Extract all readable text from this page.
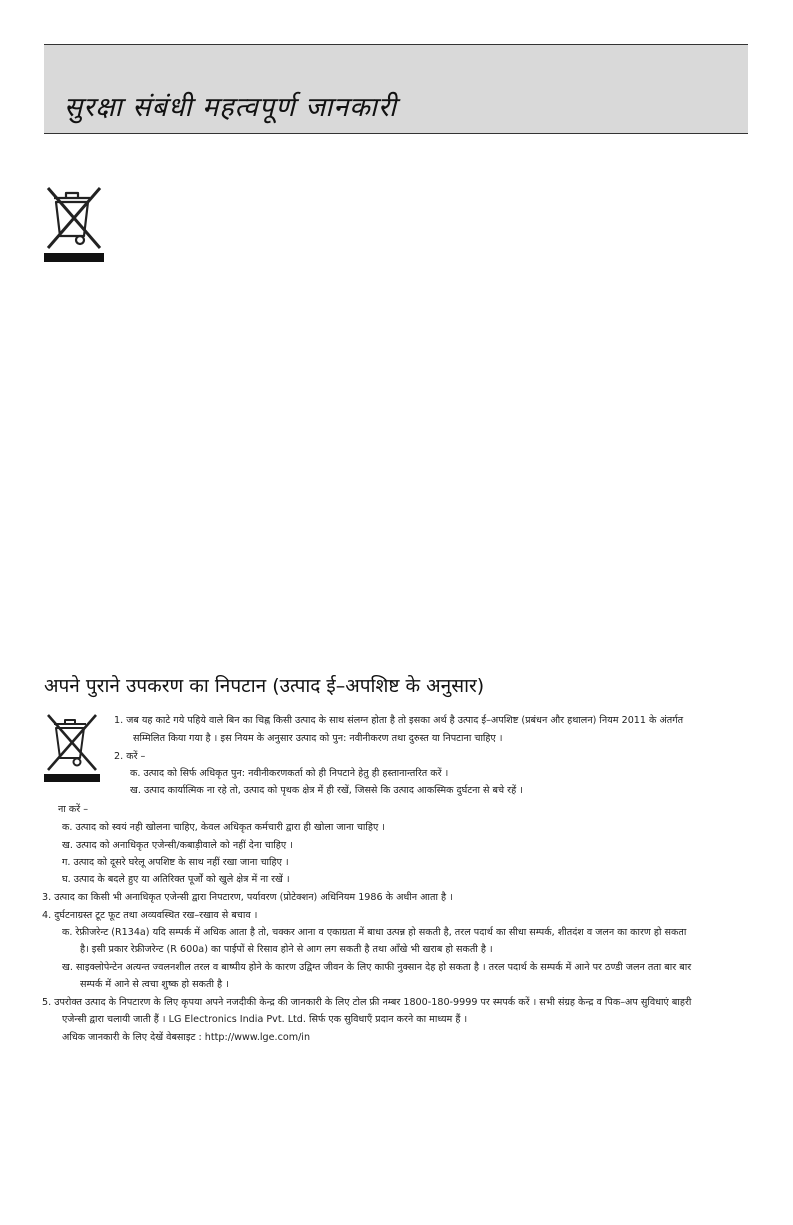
सुरक्षा संबंधी महत्वपूर्ण जानकारी
अपने पुराने उपकरण का निपटान (उत्पाद ई–अपशिष्ट के अनुसार)
1. जब यह काटे गये पहिये वाले बिन का चिह्न किसी उत्पाद के साथ संलग्न होता है तो इसका अर्थ है उत्पाद ई–अपशिष्ट (प्रबंधन और हथालन) नियम 2011 के अंतर्गत
सम्मिलित किया गया है । इस नियम के अनुसार उत्पाद को पुन: नवीनीकरण तथा दुरुस्त या निपटाना चाहिए ।
2. करें –
क. उत्पाद को सिर्फ अधिकृत पुन: नवीनीकरणकर्ता को ही निपटाने हेतु ही हस्तानान्तरित करें ।
ख. उत्पाद कार्यात्मिक ना रहे तो, उत्पाद को पृथक क्षेत्र में ही रखें, जिससे कि उत्पाद आकस्मिक दुर्घटना से बचे रहें ।
ना करें –
क. उत्पाद को स्वयं नही खोलना चाहिए, केवल अधिकृत कर्मचारी द्वारा ही खोला जाना चाहिए ।
ख. उत्पाद को अनाधिकृत एजेन्सी/कबाड़ीवाले को नहीं देना चाहिए ।
ग. उत्पाद को दूसरे घरेलू अपशिष्ट के साथ नहीं रखा जाना चाहिए ।
घ. उत्पाद के बदले हुए या अतिरिक्त पूर्जों को खुले क्षेत्र में ना रखें ।
3. उत्पाद का किसी भी अनाधिकृत एजेन्सी द्वारा निपटारण, पर्यावरण (प्रोटेक्शन) अधिनियम 1986 के अधीन आता है ।
4. दुर्घटनाग्रस्त टूट फूट तथा अव्यवस्थित रख–रखाव से बचाव ।
क. रेफ्रीजरेन्ट (R134a) यदि सम्पर्क में अधिक आता है तो, चक्कर आना व एकाग्रता में बाधा उत्पन्न हो सकती है, तरल पदार्थ का सीधा सम्पर्क, शीतदंश व जलन का कारण हो सकता
है। इसी प्रकार रेफ्रीजरेन्ट (R 600a) का पाईपों से रिसाव होने से आग लग सकती है तथा आँखे भी खराब हो सकती है ।
ख. साइक्लोपेन्टेन अत्यन्त ज्वलनशील तरल व बाष्पीय होने के कारण उद्विग्त जीवन के लिए काफी नुक्सान देह हो सकता है । तरल पदार्थ के सम्पर्क में आने पर ठण्डी जलन तता बार बार
सम्पर्क में आने से त्वचा शुष्क हो सकती है ।
5. उपरोक्त उत्पाद के निपटारण के लिए कृपया अपने नजदीकी केन्द्र की जानकारी के लिए टोल फ्री नम्बर 1800-180-9999 पर स्मपर्क करें । सभी संग्रह केन्द्र व पिक–अप सुविधाएं बाहरी
एजेन्सी द्वारा चलायी जाती हैं । LG Electronics India Pvt. Ltd. सिर्फ एक सुविधाएँ प्रदान करने का माध्यम हैं ।
अधिक जानकारी के लिए देखें वेबसाइट : http://www.lge.com/in
